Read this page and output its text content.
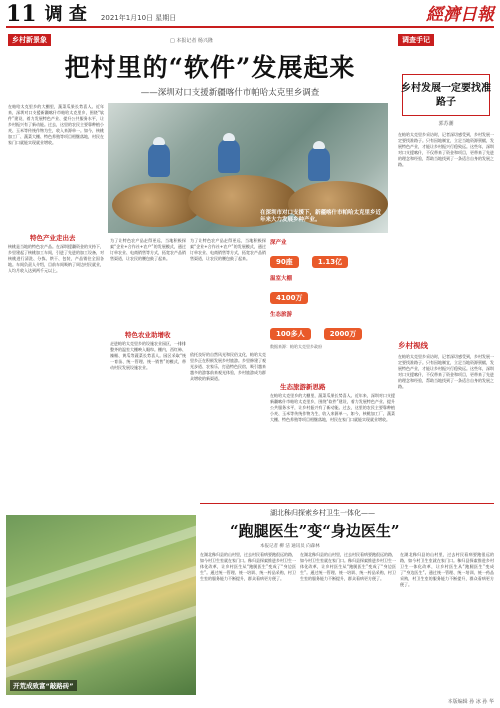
11 调 查 2021年1月10日 星期日	經濟日報
乡村新景象	□ 本报记者 杨兴隆
把村里的“软件”发展起来
——深圳对口支援新疆喀什市帕哈太克里乡调查
在帕哈太克里乡的大棚里，蔬菜瓜果长势喜人。近年来，深圳对口支援新疆喀什市帕哈太克里乡，围绕“软件”建设，着力发展特色产业、提升公共服务水平，让乡村振兴有了新动能。过去，这里的农民主要靠种植小麦、玉米等传统作物为生，收入来源单一。如今，核桃加工厂、蔬菜大棚、特色养殖等项目相继落地，村民在家门口就能实现就业增收。
特色产业走出去
核桃是当地的特色农产品。在深圳援疆资金的支持下，乡里建起了核桃加工车间，引进了先进的加工设备，对核桃进行清洗、分拣、烘干、包装，产品销往全国各地。车间负责人介绍，目前车间吸纳了周边村民就业，人均月收入达到两千元以上。
在深圳市对口支援下，新疆喀什市帕哈太克里乡近年来大力发展乡种产业。
为了让特色农产品走得更远，当地积极探索“企业+合作社+农户”的发展模式，通过订单农业、电商销售等方式，拓宽农产品销售渠道，让农民的腰包鼓了起来。
特色农业助增收
走进帕哈太克里乡的设施农业园区，一排排整齐的温室大棚映入眼帘。棚内，西红柿、辣椒、黄瓜等蔬菜长势喜人。园区采取“统一育苗、统一管理、统一销售”的模式，带动村民发展设施农业。
为了让特色农产品走得更远，当地积极探索“企业+合作社+农户”的发展模式，通过订单农业、电商销售等方式，拓宽农产品销售渠道，让农民的腰包鼓了起来。
生态旅游新思路
依托良好的自然风光和民俗文化，帕哈太克里乡正在积极发展乡村旅游。乡里修建了观光步道、农家乐，打造特色民宿，吸引越来越多的游客前来观光体验，乡村旅游成为群众增收的新渠道。
在帕哈太克里乡的大棚里，蔬菜瓜果长势喜人。近年来，深圳对口支援新疆喀什市帕哈太克里乡，围绕“软件”建设，着力发展特色产业、提升公共服务水平，让乡村振兴有了新动能。过去，这里的农民主要靠种植小麦、玉米等传统作物为生，收入来源单一。如今，核桃加工厂、蔬菜大棚、特色养殖等项目相继落地，村民在家门口就能实现就业增收。
深产业
90座	1.13亿
温室大棚
4100万
生态旅游
100多人	2000万
数据来源：帕哈太克里乡政府
调查手记
乡村发展一定要找准路子
郭苏潮
在帕哈太克里乡采访时，记者深切感受到，乡村发展一定要找准路子。只有因地制宜，立足当地资源禀赋，发展特色产业，才能让乡村振兴行稳致远。这些年，深圳对口支援喀什，不仅带来了资金和项目，更带来了先进的理念和经验，帮助当地找到了一条适合自身的发展之路。
乡村视线
在帕哈太克里乡采访时，记者深切感受到，乡村发展一定要找准路子。只有因地制宜，立足当地资源禀赋，发展特色产业，才能让乡村振兴行稳致远。这些年，深圳对口支援喀什，不仅带来了资金和项目，更带来了先进的理念和经验，帮助当地找到了一条适合自身的发展之路。
开荒成致富“敲路砖”
湖北秭归探索乡村卫生一体化——
“跑腿医生”变“身边医生”
本报记者 柳 洁 通讯员 向森林
在湖北秭归县的山村里，过去村民看病要跑很远的路，如今村卫生室就在家门口。秭归县探索推进乡村卫生一体化改革，让乡村医生从“跑腿医生”变成了“身边医生”。通过统一管理、统一培训、统一药品采购，村卫生室的服务能力不断提升，群众看病更方便了。
在湖北秭归县的山村里，过去村民看病要跑很远的路，如今村卫生室就在家门口。秭归县探索推进乡村卫生一体化改革，让乡村医生从“跑腿医生”变成了“身边医生”。通过统一管理、统一培训、统一药品采购，村卫生室的服务能力不断提升，群众看病更方便了。
在湖北秭归县的山村里，过去村民看病要跑很远的路，如今村卫生室就在家门口。秭归县探索推进乡村卫生一体化改革，让乡村医生从“跑腿医生”变成了“身边医生”。通过统一管理、统一培训、统一药品采购，村卫生室的服务能力不断提升，群众看病更方便了。
本版编辑 孙 冰 孙 华
